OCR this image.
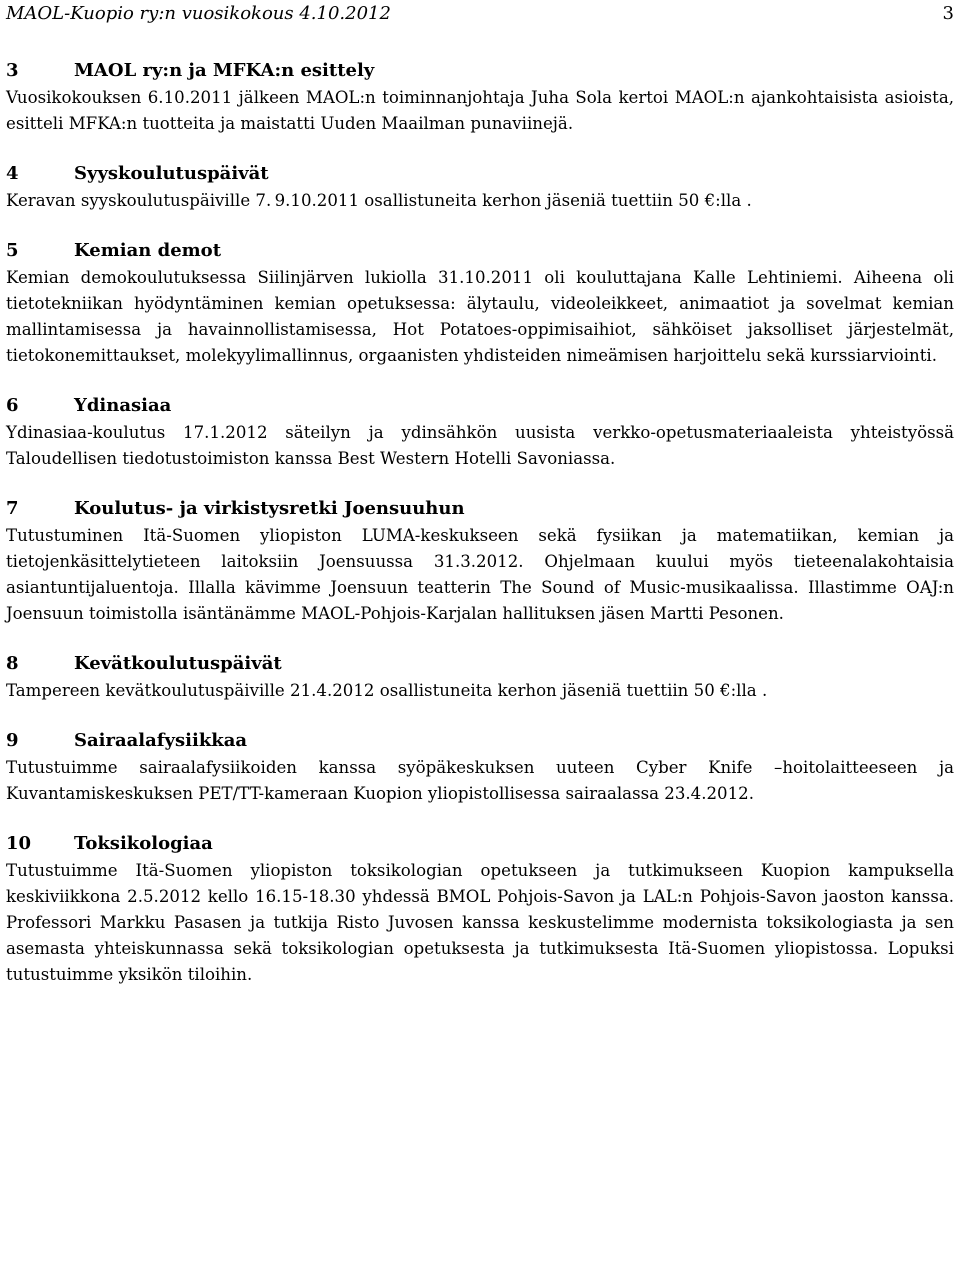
MAOL-Kuopio ry:n vuosikokous 4.10.2012	3
3	MAOL ry:n ja MFKA:n esittely

Vuosikokouksen 6.10.2011 jälkeen MAOL:n toiminnanjohtaja Juha Sola kertoi MAOL:n ajankohtaisista asioista, esitteli MFKA:n tuotteita ja maistatti Uuden Maailman punaviinejä.

4	Syyskoulutuspäivät

Keravan syyskoulutuspäiville 7. 9.10.2011 osallistuneita kerhon jäseniä tuettiin 50 €:lla .

5	Kemian demot

Kemian demokoulutuksessa Siilinjärven lukiolla 31.10.2011 oli kouluttajana Kalle Lehtiniemi. Aiheena oli tietotekniikan hyödyntäminen kemian opetuksessa: älytaulu, videoleikkeet, animaatiot ja sovelmat kemian mallintamisessa ja havainnollistamisessa, Hot Potatoes-oppimisaihiot, sähköiset jaksolliset järjestelmät, tietokonemittaukset, molekyylimallinnus, orgaanisten yhdisteiden nimeämisen harjoittelu sekä kurssiarviointi.

6	Ydinasiaa

Ydinasiaa-koulutus 17.1.2012 säteilyn ja ydinsähkön uusista verkko-opetusmateriaaleista yhteistyössä Taloudellisen tiedotustoimiston kanssa Best Western Hotelli Savoniassa.

7	Koulutus- ja virkistysretki Joensuuhun

Tutustuminen Itä-Suomen yliopiston LUMA-keskukseen sekä fysiikan ja matematiikan, kemian ja tietojenkäsittelytieteen laitoksiin Joensuussa 31.3.2012. Ohjelmaan kuului myös tieteenalakohtaisia asiantuntijaluentoja. Illalla kävimme Joensuun teatterin The Sound of Music-musikaalissa. Illastimme OAJ:n Joensuun toimistolla isäntänämme MAOL-Pohjois-Karjalan hallituksen jäsen Martti Pesonen.

8	Kevätkoulutuspäivät

Tampereen kevätkoulutuspäiville 21.4.2012 osallistuneita kerhon jäseniä tuettiin 50 €:lla .

9	Sairaalafysiikkaa

Tutustuimme sairaalafysiikoiden kanssa syöpäkeskuksen uuteen Cyber Knife –hoitolaitteeseen ja Kuvantamiskeskuksen PET/TT-kameraan Kuopion yliopistollisessa sairaalassa 23.4.2012.

10	Toksikologiaa

Tutustuimme Itä-Suomen yliopiston toksikologian opetukseen ja tutkimukseen Kuopion kampuksella keskiviikkona 2.5.2012 kello 16.15-18.30 yhdessä BMOL Pohjois-Savon ja LAL:n Pohjois-Savon jaoston kanssa. Professori Markku Pasasen ja tutkija Risto Juvosen kanssa keskustelimme modernista toksikologiasta ja sen asemasta yhteiskunnassa sekä toksikologian opetuksesta ja tutkimuksesta Itä-Suomen yliopistossa. Lopuksi tutustuimme yksikön tiloihin.
